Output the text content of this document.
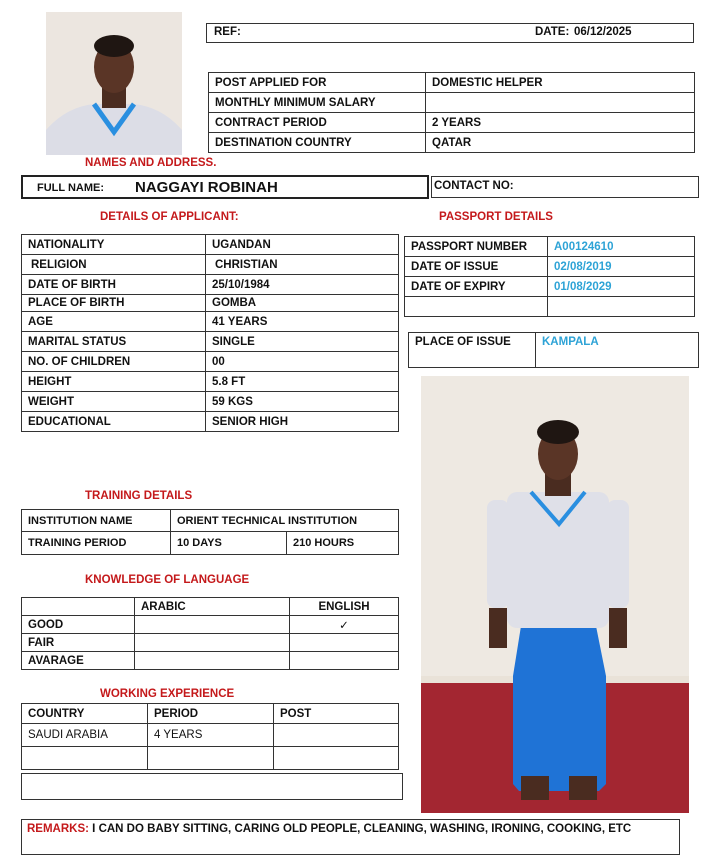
REF:	DATE: 06/12/2025
POST APPLIED FOR	DOMESTIC HELPER
MONTHLY MINIMUM SALARY	
CONTRACT PERIOD	2 YEARS
DESTINATION COUNTRY	QATAR
NAMES AND ADDRESS.
FULL NAME: NAGGAYI ROBINAH	CONTACT NO:
DETAILS OF APPLICANT:	PASSPORT DETAILS
NATIONALITY	UGANDAN
RELIGION	CHRISTIAN
DATE OF BIRTH	25/10/1984
PLACE OF BIRTH	GOMBA
AGE	41 YEARS
MARITAL STATUS	SINGLE
NO. OF CHILDREN	00
HEIGHT	5.8 FT
WEIGHT	59 KGS
EDUCATIONAL	SENIOR HIGH
PASSPORT NUMBER	A00124610
DATE OF ISSUE	02/08/2019
DATE OF EXPIRY	01/08/2029

PLACE OF ISSUE	KAMPALA
TRAINING DETAILS
INSTITUTION NAME	ORIENT TECHNICAL INSTITUTION	
TRAINING PERIOD	10 DAYS	210 HOURS
KNOWLEDGE OF LANGUAGE
	ARABIC	ENGLISH
GOOD		✓
FAIR		
AVARAGE		
WORKING EXPERIENCE
COUNTRY	PERIOD	POST
SAUDI ARABIA	4 YEARS	

REMARKS: I CAN DO BABY SITTING, CARING OLD PEOPLE, CLEANING, WASHING, IRONING, COOKING, ETC
